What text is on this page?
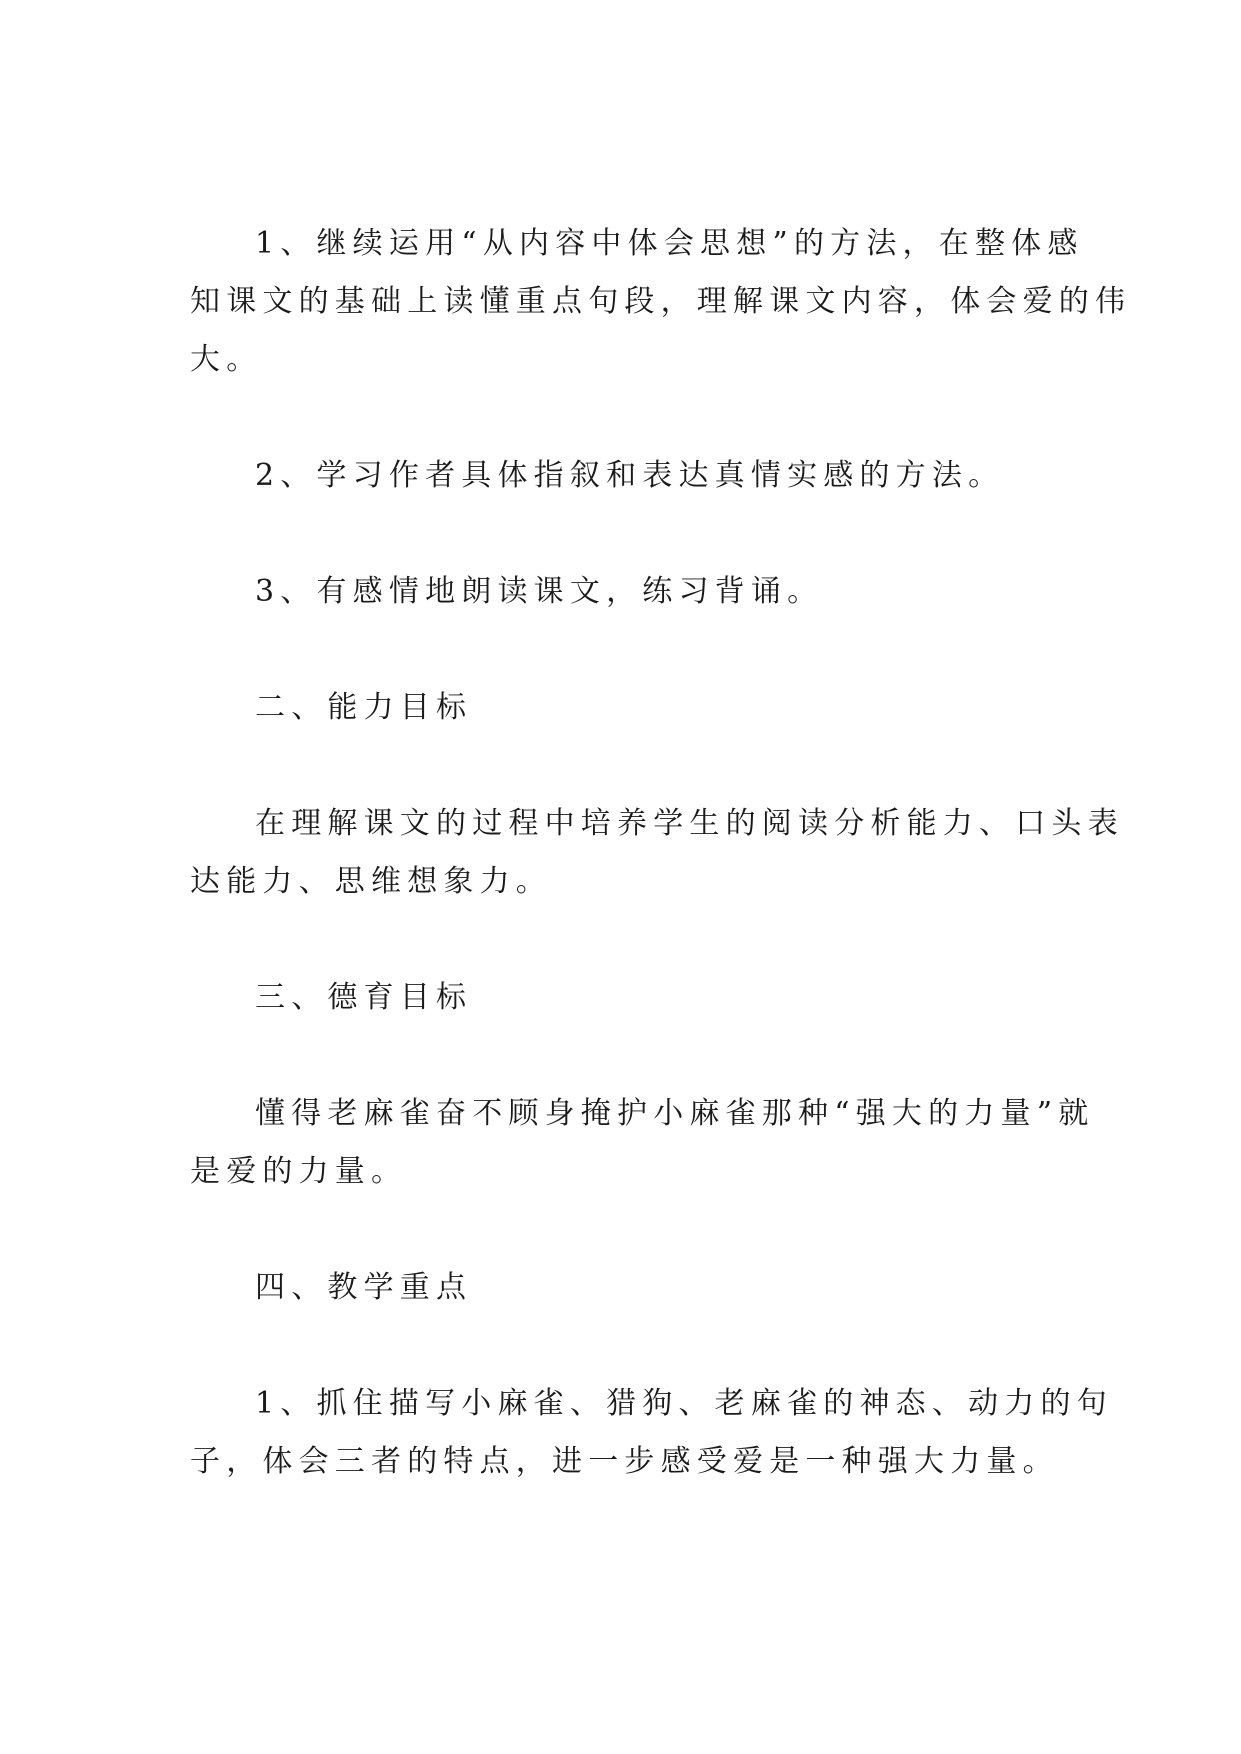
1、继续运用“从内容中体会思想”的方法，在整体感

知课文的基础上读懂重点句段，理解课文内容，体会爱的伟

大。

2、学习作者具体指叙和表达真情实感的方法。

3、有感情地朗读课文，练习背诵。

二、能力目标

在理解课文的过程中培养学生的阅读分析能力、口头表

达能力、思维想象力。

三、德育目标

懂得老麻雀奋不顾身掩护小麻雀那种“强大的力量”就

是爱的力量。

四、教学重点

1、抓住描写小麻雀、猎狗、老麻雀的神态、动力的句

子，体会三者的特点，进一步感受爱是一种强大力量。
